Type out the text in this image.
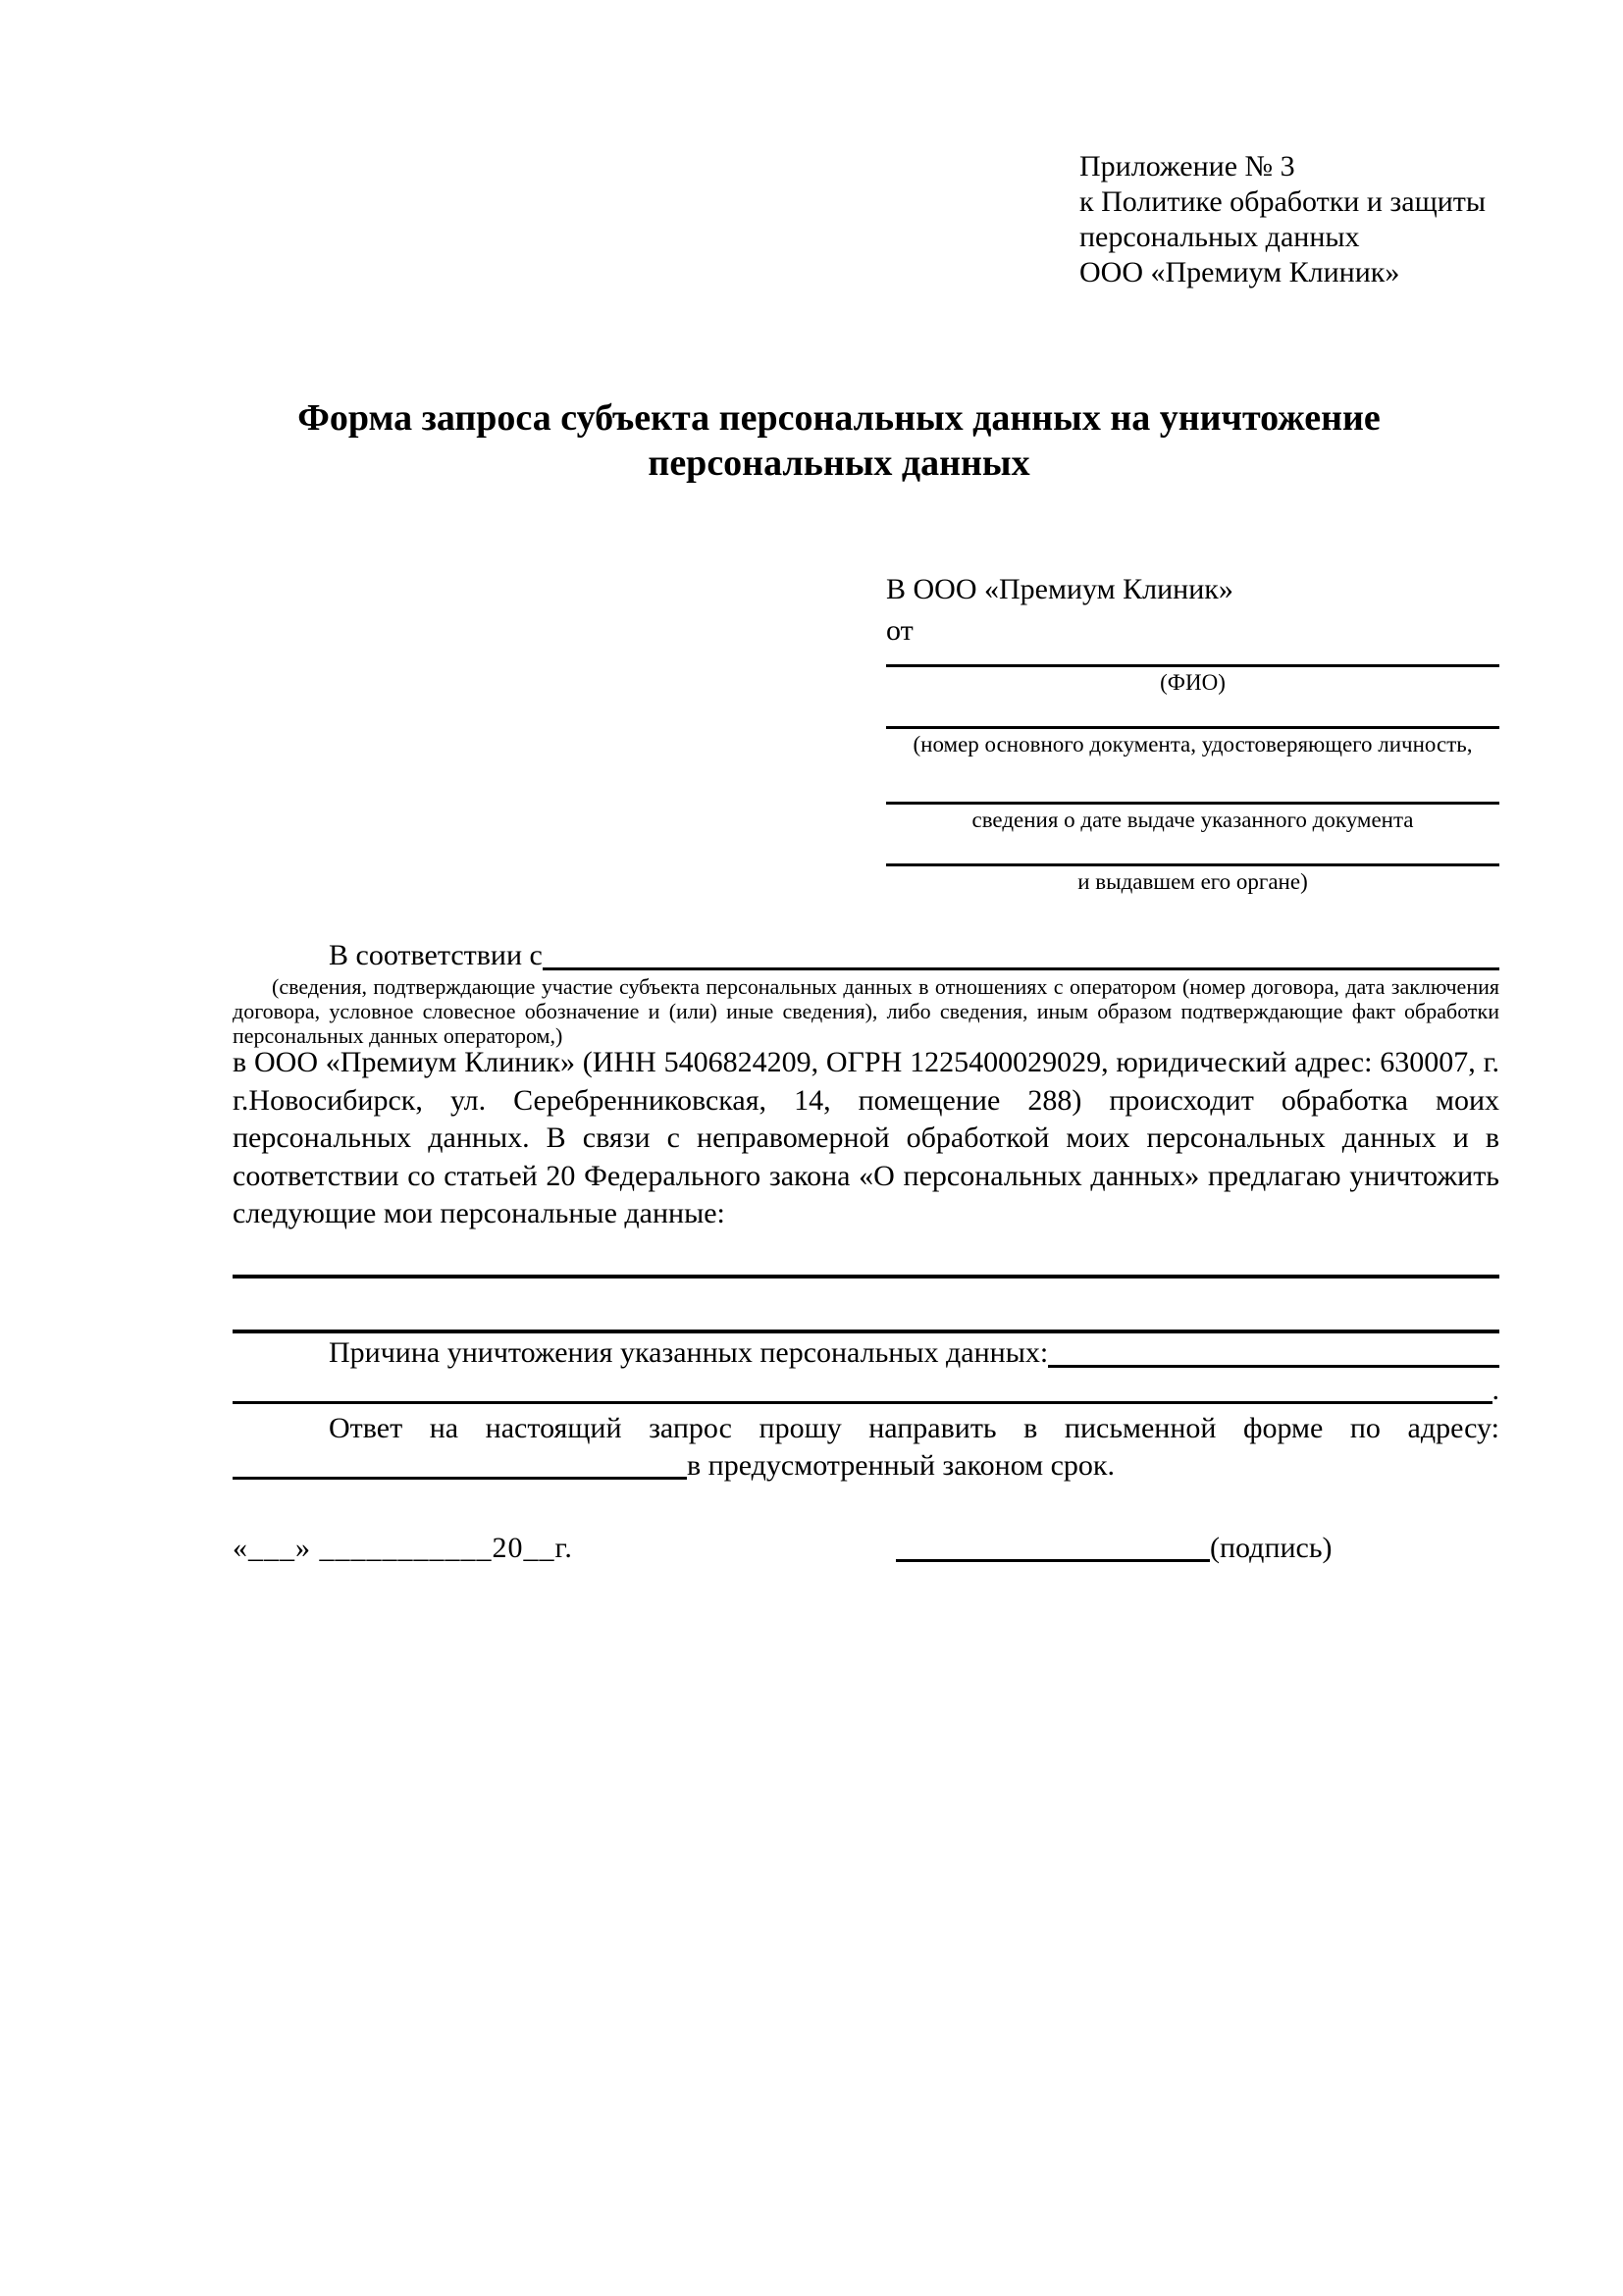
Приложение № 3
к Политике обработки и защиты
персональных данных
ООО «Премиум Клиник»
Форма запроса субъекта персональных данных на уничтожение персональных данных
В ООО «Премиум Клиник»
от
(ФИО)
(номер основного документа, удостоверяющего личность,
сведения о дате выдаче указанного документа
и выдавшем его органе)
В соответствии с

(сведения, подтверждающие участие субъекта персональных данных в отношениях с оператором (номер договора, дата заключения договора, условное словесное обозначение и (или) иные сведения), либо сведения, иным образом подтверждающие факт обработки персональных данных оператором,)

в ООО «Премиум Клиник» (ИНН 5406824209, ОГРН 1225400029029, юридический адрес: 630007, г. г.Новосибирск, ул. Серебренниковская, 14, помещение 288) происходит обработка моих персональных данных. В связи с неправомерной обработкой моих персональных данных и в соответствии со статьей 20 Федерального закона «О персональных данных» предлагаю уничтожить следующие мои персональные данные:

Причина уничтожения указанных персональных данных:
.

Ответ на настоящий запрос прошу направить в письменной форме по адресу: в предусмотренный законом срок.

«___» ___________20__г.	(подпись)
